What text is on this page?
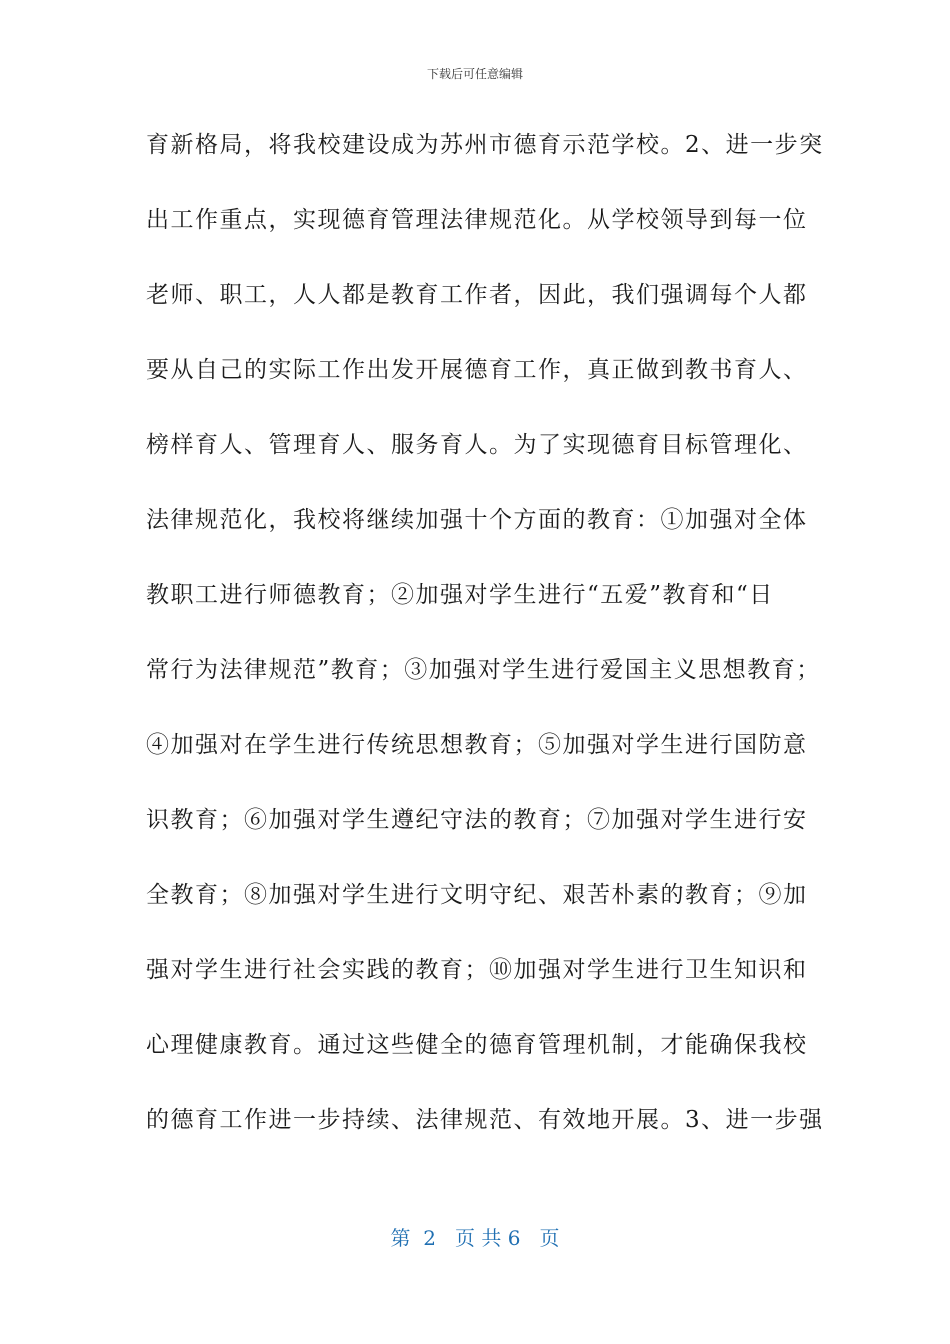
下载后可任意编辑
育新格局，将我校建设成为苏州市德育示范学校。2、进一步突
出工作重点，实现德育管理法律规范化。从学校领导到每一位
老师、职工，人人都是教育工作者，因此，我们强调每个人都
要从自己的实际工作出发开展德育工作，真正做到教书育人、
榜样育人、管理育人、服务育人。为了实现德育目标管理化、
法律规范化，我校将继续加强十个方面的教育：①加强对全体
教职工进行师德教育；②加强对学生进行“五爱”教育和“日
常行为法律规范”教育；③加强对学生进行爱国主义思想教育；
④加强对在学生进行传统思想教育；⑤加强对学生进行国防意
识教育；⑥加强对学生遵纪守法的教育；⑦加强对学生进行安
全教育；⑧加强对学生进行文明守纪、艰苦朴素的教育；⑨加
强对学生进行社会实践的教育；⑩加强对学生进行卫生知识和
心理健康教育。通过这些健全的德育管理机制，才能确保我校
的德育工作进一步持续、法律规范、有效地开展。3、进一步强
第  2   页 共 6   页
